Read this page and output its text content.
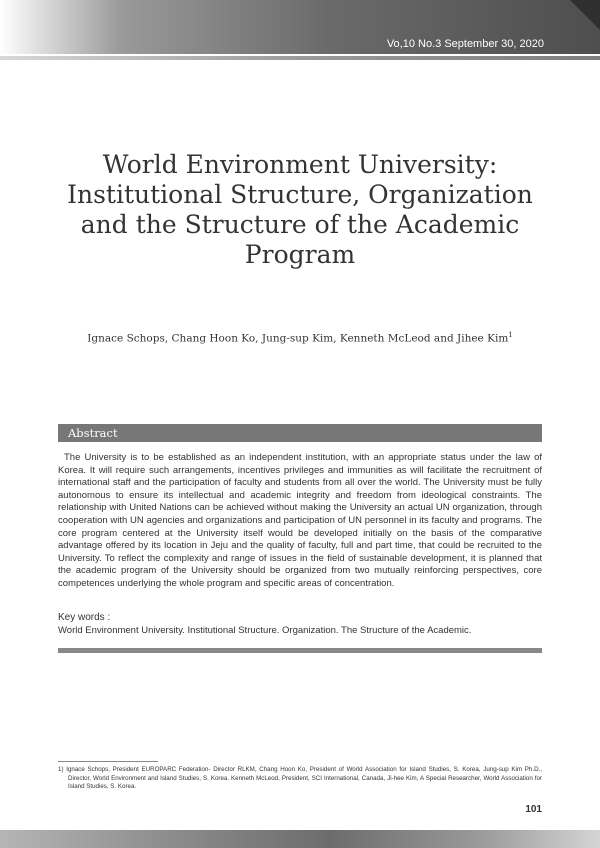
Vo,10 No.3 September 30, 2020
World Environment University: Institutional Structure, Organization and the Structure of the Academic Program
Ignace Schops, Chang Hoon Ko, Jung-sup Kim, Kenneth McLeod and Jihee Kim$^1$
Abstract

The University is to be established as an independent institution, with an appropriate status under the law of Korea. It will require such arrangements, incentives privileges and immunities as will facilitate the recruitment of international staff and the participation of faculty and students from all over the world. The University must be fully autonomous to ensure its intellectual and academic integrity and freedom from ideological constraints. The relationship with United Nations can be achieved without making the University an actual UN organization, through cooperation with UN agencies and organizations and participation of UN personnel in its faculty and programs. The core program centered at the University itself would be developed initially on the basis of the comparative advantage offered by its location in Jeju and the quality of faculty, full and part time, that could be recruited to the University. To reflect the complexity and range of issues in the field of sustainable development, it is planned that the academic program of the University should be organized from two mutually reinforcing perspectives, core competences underlying the whole program and specific areas of concentration.

Key words :
World Environment University. Institutional Structure. Organization. The Structure of the Academic.

1) Ignace Schops, President EUROPARC Federation- Director RLKM, Chang Hoon Ko, President of World Association for Island Studies, S. Korea, Jung-sup Kim Ph.D., Director, World Environment and Island Studies, S. Korea. Kenneth McLeod, President, SCI International, Canada, Ji-hee Kim, A Special Researcher, World Association for Island Studies, S. Korea.

101
